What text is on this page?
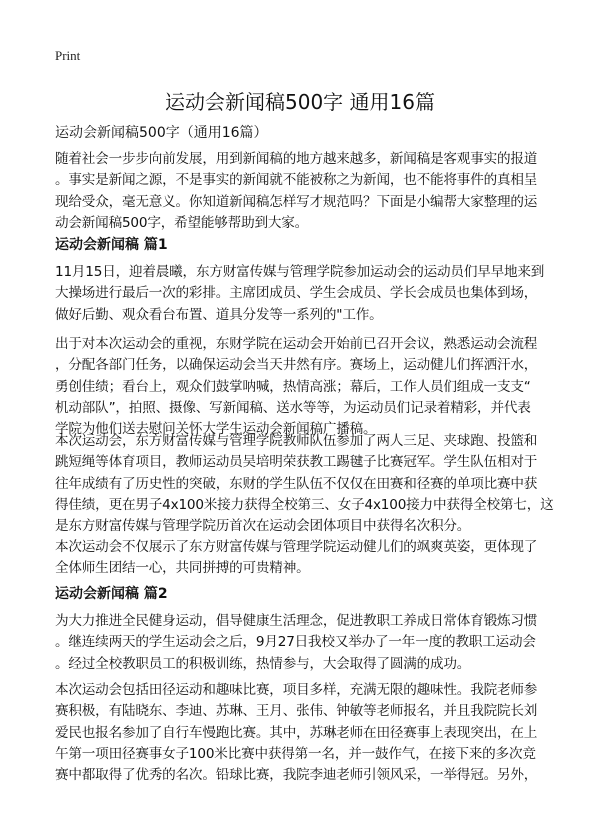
Print
运动会新闻稿500字 通用16篇
运动会新闻稿500字（通用16篇）
随着社会一步步向前发展，用到新闻稿的地方越来越多，新闻稿是客观事实的报道
。事实是新闻之源，不是事实的新闻就不能被称之为新闻，也不能将事件的真相呈
现给受众，毫无意义。你知道新闻稿怎样写才规范吗？下面是小编帮大家整理的运
动会新闻稿500字，希望能够帮助到大家。
运动会新闻稿 篇1
11月15日，迎着晨曦，东方财富传媒与管理学院参加运动会的运动员们早早地来到
大操场进行最后一次的彩排。主席团成员、学生会成员、学长会成员也集体到场，
做好后勤、观众看台布置、道具分发等一系列的"工作。
出于对本次运动会的重视，东财学院在运动会开始前已召开会议，熟悉运动会流程
，分配各部门任务，以确保运动会当天井然有序。赛场上，运动健儿们挥洒汗水，
勇创佳绩；看台上，观众们鼓掌呐喊，热情高涨；幕后，工作人员们组成一支支“
机动部队”，拍照、摄像、写新闻稿、送水等等，为运动员们记录着精彩，并代表
学院为他们送去慰问关怀大学生运动会新闻稿广播稿。
本次运动会，东方财富传媒与管理学院教师队伍参加了两人三足、夹球跑、投篮和
跳短绳等体育项目，教师运动员吴培明荣获教工踢毽子比赛冠军。学生队伍相对于
往年成绩有了历史性的突破，东财的学生队伍不仅仅在田赛和径赛的单项比赛中获
得佳绩，更在男子4x100米接力获得全校第三、女子4x100接力中获得全校第七，这
是东方财富传媒与管理学院历首次在运动会团体项目中获得名次积分。
本次运动会不仅展示了东方财富传媒与管理学院运动健儿们的飒爽英姿，更体现了
全体师生团结一心，共同拼搏的可贵精神。
运动会新闻稿 篇2
为大力推进全民健身运动，倡导健康生活理念，促进教职工养成日常体育锻炼习惯
。继连续两天的学生运动会之后，9月27日我校又举办了一年一度的教职工运动会
。经过全校教职员工的积极训练，热情参与，大会取得了圆满的成功。
本次运动会包括田径运动和趣味比赛，项目多样，充满无限的趣味性。我院老师参
赛积极，有陆晓东、李迪、苏琳、王月、张伟、钟敏等老师报名，并且我院院长刘
爱民也报名参加了自行车慢跑比赛。其中，苏琳老师在田径赛事上表现突出，在上
午第一项田径赛事女子100米比赛中获得第一名，并一鼓作气，在接下来的多次竞
赛中都取得了优秀的名次。铅球比赛，我院李迪老师引领风采，一举得冠。另外，
